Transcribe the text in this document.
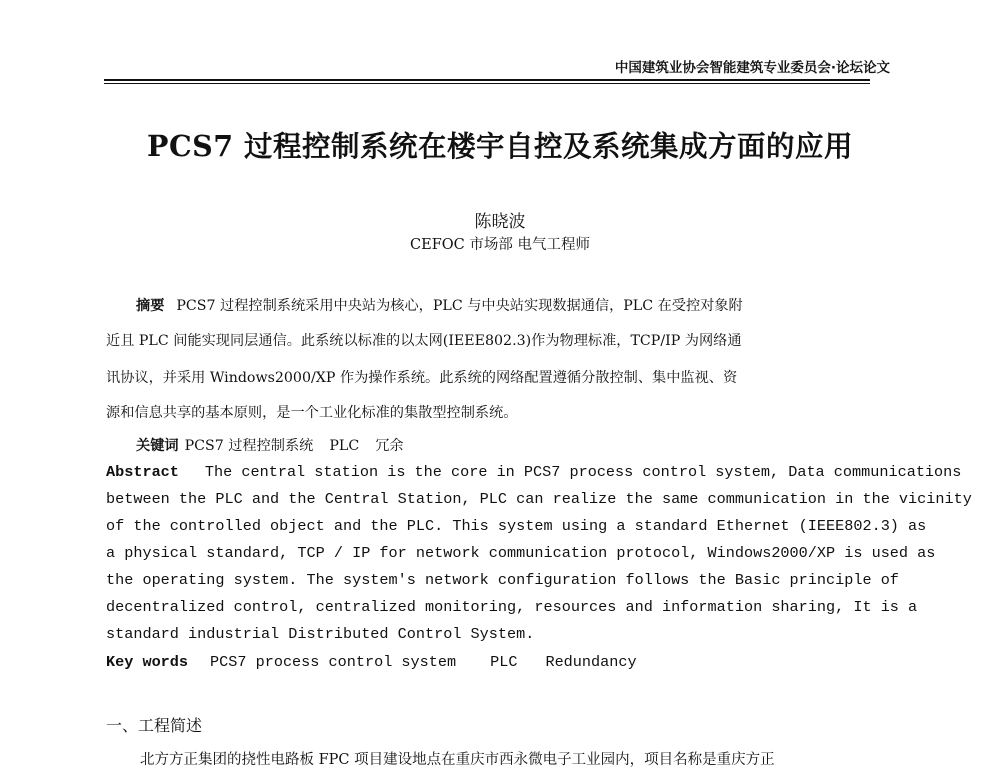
中国建筑业协会智能建筑专业委员会·论坛论文
PCS7 过程控制系统在楼宇自控及系统集成方面的应用
陈晓波
CEFOC 市场部 电气工程师
摘要 PCS7 过程控制系统采用中央站为核心，PLC 与中央站实现数据通信，PLC 在受控对象附
近且 PLC 间能实现同层通信。此系统以标准的以太网(IEEE802.3)作为物理标准，TCP/IP 为网络通
讯协议，并采用 Windows2000/XP 作为操作系统。此系统的网络配置遵循分散控制、集中监视、资
源和信息共享的基本原则，是一个工业化标准的集散型控制系统。
关键词 PCS7 过程控制系统 PLC 冗余
Abstract The central station is the core in PCS7 process control system, Data communications
between the PLC and the Central Station, PLC can realize the same communication in the vicinity
of the controlled object and the PLC. This system using a standard Ethernet (IEEE802.3) as
a physical standard, TCP / IP for network communication protocol, Windows2000/XP is used as
the operating system. The system's network configuration follows the Basic principle of
decentralized control, centralized monitoring, resources and information sharing, It is a
standard industrial Distributed Control System.
Key words PCS7 process control system PLC Redundancy
一、工程简述
北方方正集团的挠性电路板 FPC 项目建设地点在重庆市西永微电子工业园内，项目名称是重庆方正
